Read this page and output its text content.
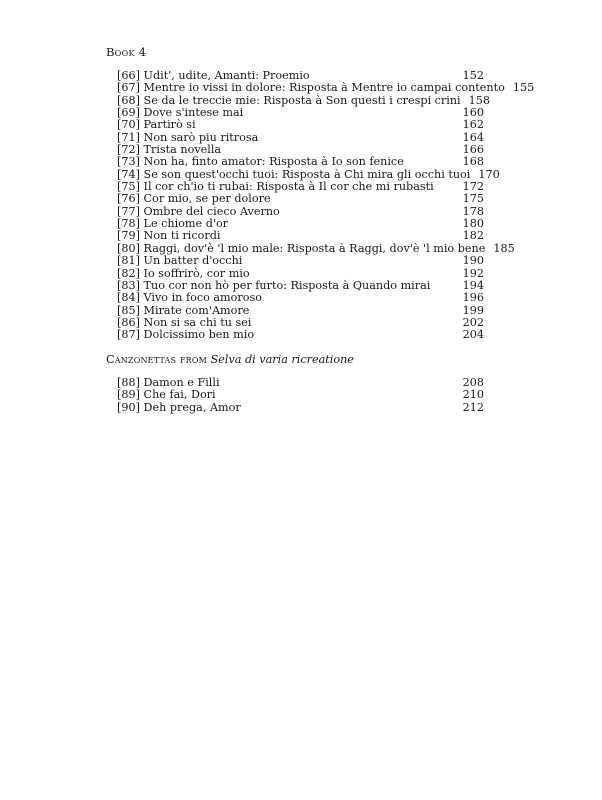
Book 4
[66] Udit', udite, Amanti: Proemio	152
[67] Mentre io vissi in dolore: Risposta à Mentre io campai contento 155
[68] Se da le treccie mie: Risposta à Son questi i crespi crini 158
[69] Dove s'intese mai	160
[70] Partirò si	162
[71] Non sarò piu ritrosa	164
[72] Trista novella	166
[73] Non ha, finto amator: Risposta à Io son fenice	168
[74] Se son quest'occhi tuoi: Risposta à Chi mira gli occhi tuoi 170
[75] Il cor ch'io ti rubai: Risposta à Il cor che mi rubasti	172
[76] Cor mio, se per dolore	175
[77] Ombre del cieco Averno	178
[78] Le chiome d'or	180
[79] Non ti ricordi	182
[80] Raggi, dov'è 'l mio male: Risposta à Raggi, dov'è 'l mio bene 185
[81] Un batter d'occhi	190
[82] Io soffrirò, cor mio	192
[83] Tuo cor non hò per furto: Risposta à Quando mirai	194
[84] Vivo in foco amoroso	196
[85] Mirate com'Amore	199
[86] Non si sa chi tu sei	202
[87] Dolcissimo ben mio	204
Canzonettas from Selva di varia ricreatione
[88] Damon e Filli	208
[89] Che fai, Dori	210
[90] Deh prega, Amor	212
